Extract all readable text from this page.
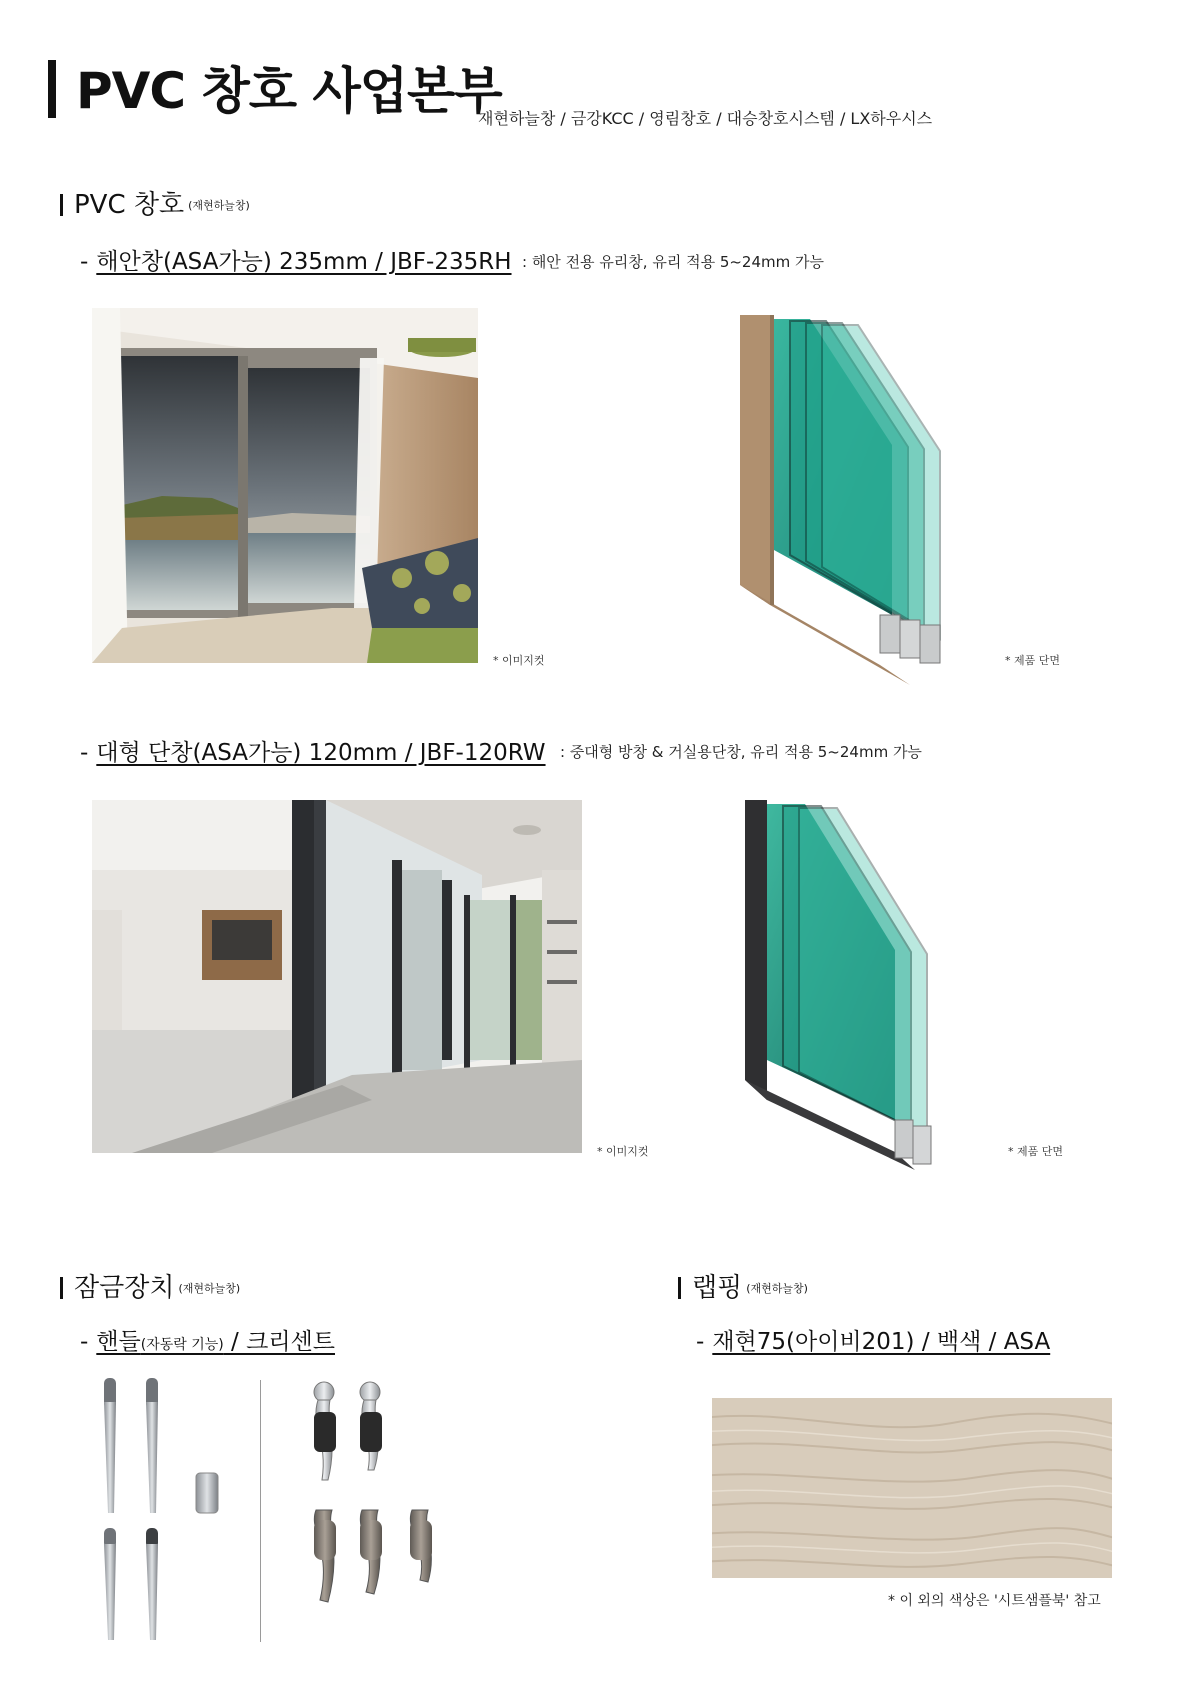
PVC 창호 사업본부
재현하늘창 / 금강KCC / 영림창호 / 대승창호시스템 / LX하우시스
PVC 창호 (재현하늘창)
- 해안창(ASA가능) 235mm / JBF-235RH : 해안 전용 유리창, 유리 적용 5~24mm 가능
* 이미지컷	* 제품 단면
- 대형 단창(ASA가능) 120mm / JBF-120RW : 중대형 방창 & 거실용단창, 유리 적용 5~24mm 가능
* 이미지컷	* 제품 단면
잠금장치 (재현하늘창)
- 핸들(자동락 기능) / 크리센트
랩핑 (재현하늘창)
- 재현75(아이비201) / 백색 / ASA
* 이 외의 색상은 '시트샘플북' 참고
